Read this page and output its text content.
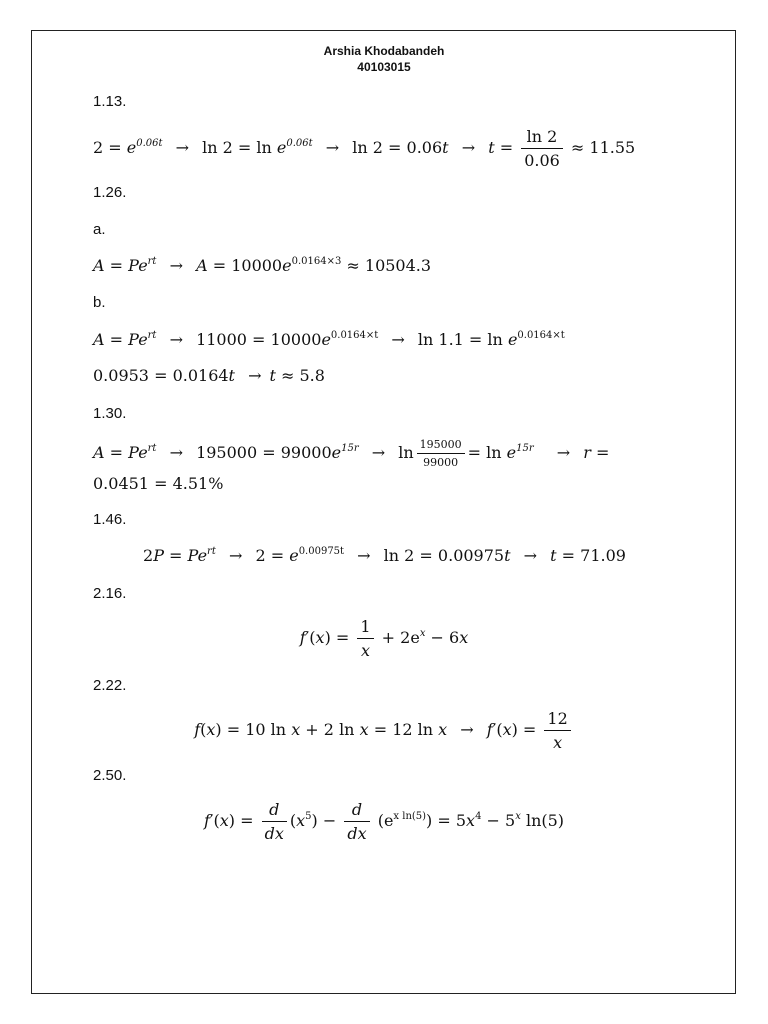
Arshia Khodabandeh
40103015
1.13.
$2 = e^{0.06t} \to \ln 2 = \ln e^{0.06t} \to \ln 2 = 0.06t \to t = \frac{\ln 2}{0.06} \approx 11.55$
1.26.
a.
$A = Pe^{rt} \to A = 10000e^{0.0164\times 3} \approx 10504.3$
b.
$A = Pe^{rt} \to 11000 = 10000e^{0.0164\times t} \to \ln 1.1 = \ln e^{0.0164\times t}$
0.0953 = 0.0164t → t ≈ 5.8
1.30.
$A = Pe^{rt} \to 195000 = 99000e^{15r} \to \ln \frac{195000}{99000} = \ln e^{15r} \to r$ =
0.0451 = 4.51%
1.46.
$2P = Pe^{rt} \to 2 = e^{0.00975t} \to \ln 2 = 0.00975t \to t = 71.09$
2.16.
$f'(x) = \frac{1}{x} + 2e^x - 6x$
2.22.
f(x) = 10 ln x + 2 ln x = 12 $\ln x \to f'(x) = \frac{12}{x}$
2.50.
$f'(x) = \frac{d}{dx} (x^5) - \frac{d}{dx} (e^{x ln(5)}) = 5x^4 - 5^x$ ln(5)
